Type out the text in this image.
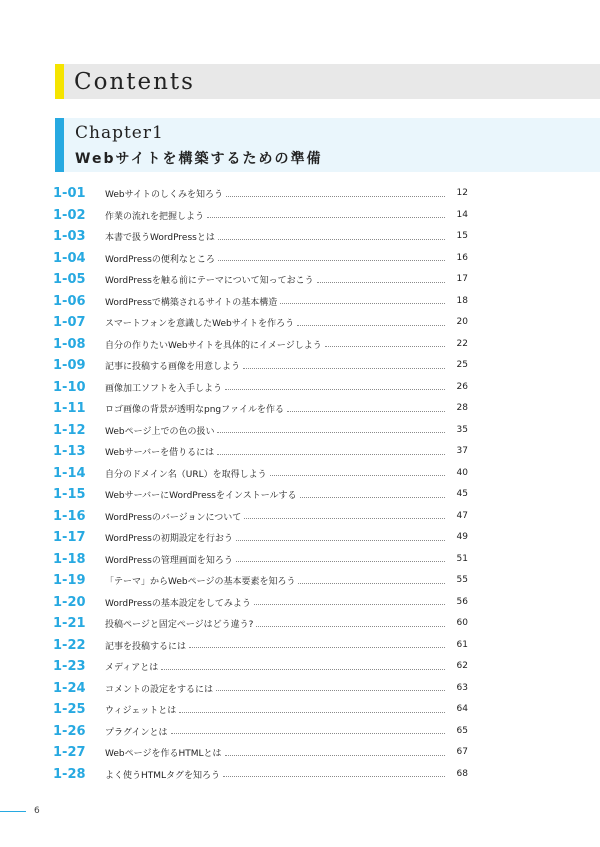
Contents
Chapter1
Webサイトを構築するための準備
1-01 Webサイトのしくみを知ろう	12
1-02 作業の流れを把握しよう	14
1-03 本書で扱うWordPressとは	15
1-04 WordPressの便利なところ	16
1-05 WordPressを触る前にテーマについて知っておこう	17
1-06 WordPressで構築されるサイトの基本構造	18
1-07 スマートフォンを意識したWebサイトを作ろう	20
1-08 自分の作りたいWebサイトを具体的にイメージしよう	22
1-09 記事に投稿する画像を用意しよう	25
1-10 画像加工ソフトを入手しよう	26
1-11 ロゴ画像の背景が透明なpngファイルを作る	28
1-12 Webページ上での色の扱い	35
1-13 Webサーバーを借りるには	37
1-14 自分のドメイン名（URL）を取得しよう	40
1-15 WebサーバーにWordPressをインストールする	45
1-16 WordPressのバージョンについて	47
1-17 WordPressの初期設定を行おう	49
1-18 WordPressの管理画面を知ろう	51
1-19 「テーマ」からWebページの基本要素を知ろう	55
1-20 WordPressの基本設定をしてみよう	56
1-21 投稿ページと固定ページはどう違う?	60
1-22 記事を投稿するには	61
1-23 メディアとは	62
1-24 コメントの設定をするには	63
1-25 ウィジェットとは	64
1-26 プラグインとは	65
1-27 Webページを作るHTMLとは	67
1-28 よく使うHTMLタグを知ろう	68
6
